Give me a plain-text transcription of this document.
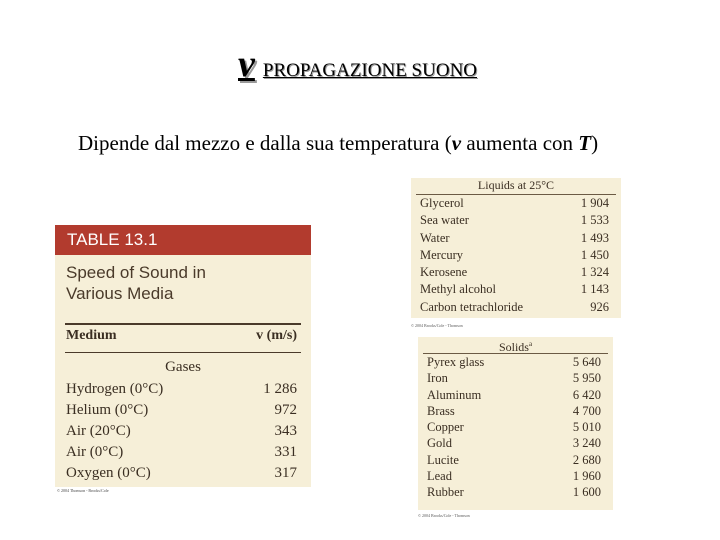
v PROPAGAZIONE SUONO
Dipende dal mezzo e dalla sua temperatura (v aumenta con T)
TABLE 13.1
Speed of Sound in
Various Media
Medium	v (m/s)
Gases
Hydrogen (0°C)	1 286
Helium (0°C)	972
Air (20°C)	343
Air (0°C)	331
Oxygen (0°C)	317
© 2004 Thomson - Brooks/Cole
Liquids at 25°C
Glycerol	1 904
Sea water	1 533
Water	1 493
Mercury	1 450
Kerosene	1 324
Methyl alcohol	1 143
Carbon tetrachloride	926
© 2004 Brooks/Cole - Thomson
Solids$^a$
Pyrex glass	5 640
Iron	5 950
Aluminum	6 420
Brass	4 700
Copper	5 010
Gold	3 240
Lucite	2 680
Lead	1 960
Rubber	1 600
© 2004 Brooks/Cole - Thomson
